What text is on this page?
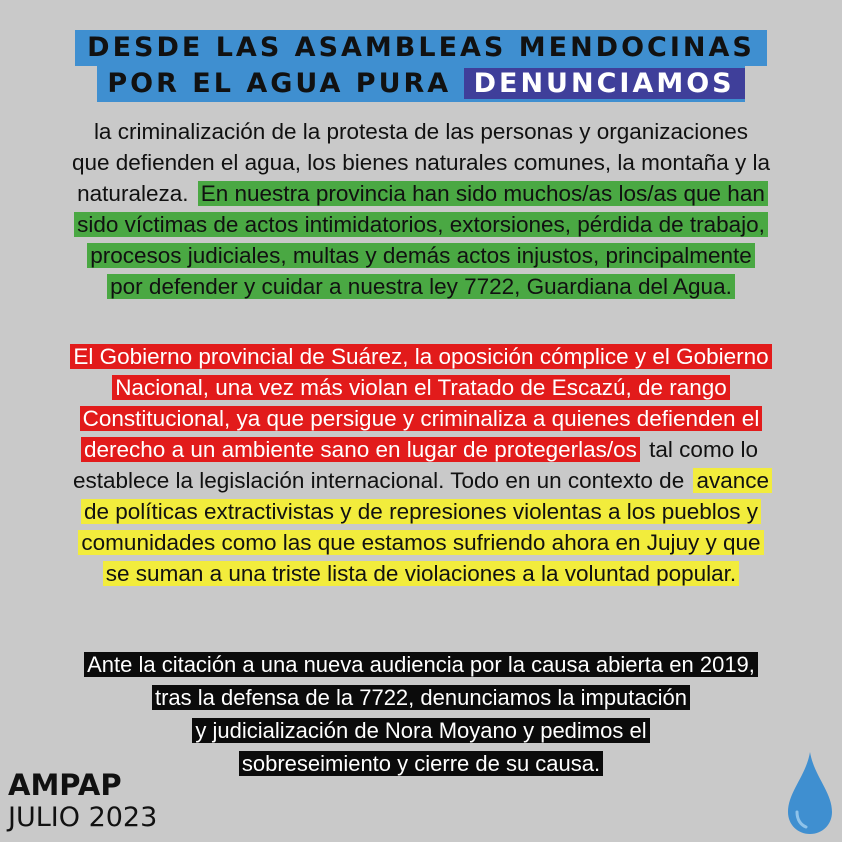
DESDE LAS ASAMBLEAS MENDOCINAS
POR EL AGUA PURA DENUNCIAMOS
la criminalización de la protesta de las personas y organizaciones
que defienden el agua, los bienes naturales comunes, la montaña y la
naturaleza. En nuestra provincia han sido muchos/as los/as que han
sido víctimas de actos intimidatorios, extorsiones, pérdida de trabajo,
procesos judiciales, multas y demás actos injustos, principalmente
por defender y cuidar a nuestra ley 7722, Guardiana del Agua.
El Gobierno provincial de Suárez, la oposición cómplice y el Gobierno
Nacional, una vez más violan el Tratado de Escazú, de rango
Constitucional, ya que persigue y criminaliza a quienes defienden el
derecho a un ambiente sano en lugar de protegerlas/os tal como lo
establece la legislación internacional. Todo en un contexto de avance
de políticas extractivistas y de represiones violentas a los pueblos y
comunidades como las que estamos sufriendo ahora en Jujuy y que
se suman a una triste lista de violaciones a la voluntad popular.
Ante la citación a una nueva audiencia por la causa abierta en 2019,
tras la defensa de la 7722, denunciamos la imputación
y judicialización de Nora Moyano y pedimos el
sobreseimiento y cierre de su causa.
AMPAP
JULIO 2023
